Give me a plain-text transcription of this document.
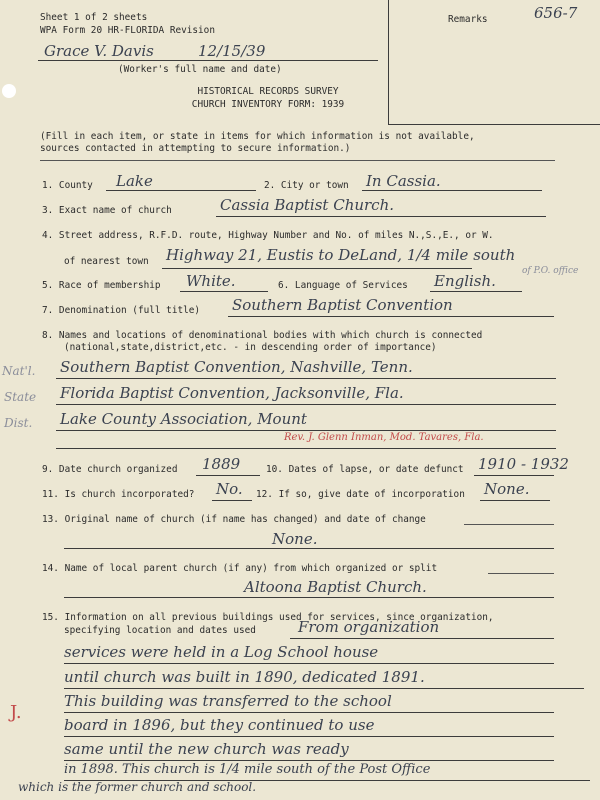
Sheet 1 of 2 sheets
WPA Form 20 HR-FLORIDA Revision
Remarks	656-7
Grace V. Davis	12/15/39
(Worker's full name and date)
HISTORICAL RECORDS SURVEY
CHURCH INVENTORY FORM: 1939
(Fill in each item, or state in items for which information is not available,
sources contacted in attempting to secure information.)
1. County Lake	2. City or town In Cassia.
3. Exact name of church	Cassia Baptist Church.
4. Street address, R.F.D. route, Highway Number and No. of miles N.,S.,E., or W.
of nearest town Highway 21, Eustis to DeLand, 1/4 mile south
of P.O. office
5. Race of membership White.	6. Language of Services English.
7. Denomination (full title) Southern Baptist Convention
8. Names and locations of denominational bodies with which church is connected
(national,state,district,etc. - in descending order of importance)
Nat'l. Southern Baptist Convention, Nashville, Tenn.
State Florida Baptist Convention, Jacksonville, Fla.
Dist. Lake County Association, Mount
Rev. J. Glenn Inman, Mod. Tavares, Fla.
9. Date church organized 1889	10. Dates of lapse, or date defunct 1910 - 1932
11. Is church incorporated? No. 12. If so, give date of incorporation None.
13. Original name of church (if name has changed) and date of change
None.
14. Name of local parent church (if any) from which organized or split
Altoona Baptist Church.
15. Information on all previous buildings used for services, since organization,
specifying location and dates used	From organization
services were held in a Log School house
until church was built in 1890, dedicated 1891.
J.
This building was transferred to the school
board in 1896, but they continued to use
same until the new church was ready
in 1898. This church is 1/4 mile south of the Post Office
which is the former church and school.
